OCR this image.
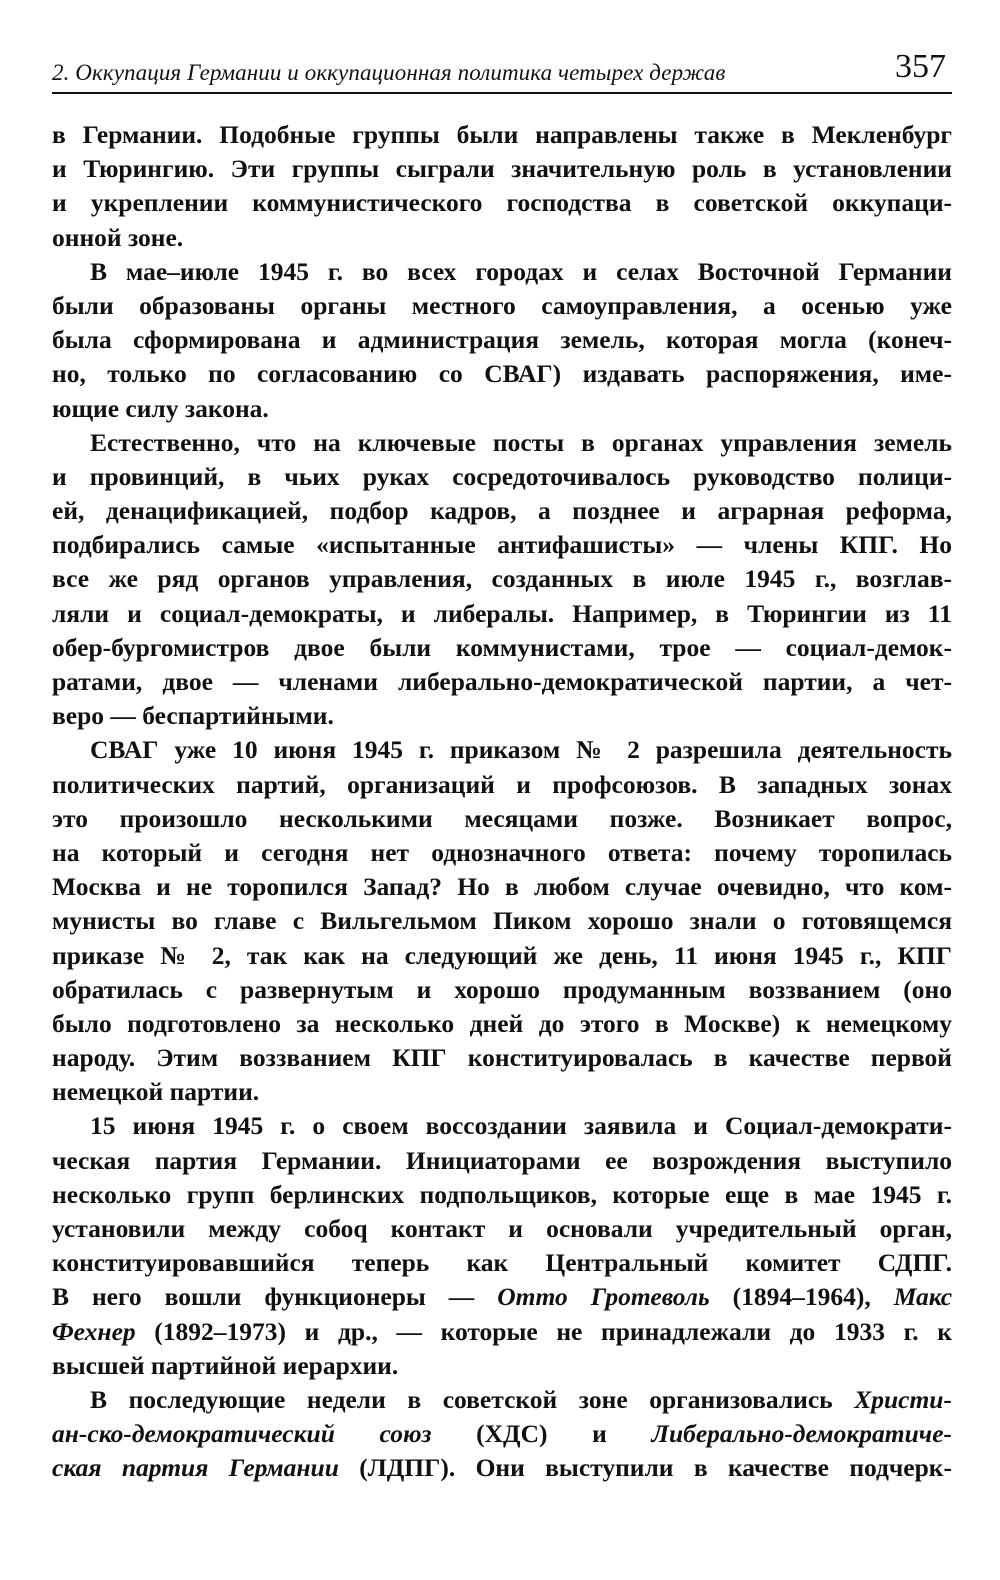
2. Оккупация Германии и оккупационная политика четырех держав	357
в Германии. Подобные группы были направлены также в Мекленбург
и Тюрингию. Эти группы сыграли значительную роль в установлении
и укреплении коммунистического господства в советской оккупаци-
онной зоне.
В мае–июле 1945 г. во всех городах и селах Восточной Германии
были образованы органы местного самоуправления, а осенью уже
была сформирована и администрация земель, которая могла (конеч-
но, только по согласованию со СВАГ) издавать распоряжения, име-
ющие силу закона.
Естественно, что на ключевые посты в органах управления земель
и провинций, в чьих руках сосредоточивалось руководство полици-
ей, денацификацией, подбор кадров, а позднее и аграрная реформа,
подбирались самые «испытанные антифашисты» — члены КПГ. Но
все же ряд органов управления, созданных в июле 1945 г., возглав-
ляли и социал-демократы, и либералы. Например, в Тюрингии из 11
обер-бургомистров двое были коммунистами, трое — социал-демок-
ратами, двое — членами либерально-демократической партии, а чет-
веро — беспартийными.
СВАГ уже 10 июня 1945 г. приказом № 2 разрешила деятельность
политических партий, организаций и профсоюзов. В западных зонах
это произошло несколькими месяцами позже. Возникает вопрос,
на который и сегодня нет однозначного ответа: почему торопилась
Москва и не торопился Запад? Но в любом случае очевидно, что ком-
мунисты во главе с Вильгельмом Пиком хорошо знали о готовящемся
приказе № 2, так как на следующий же день, 11 июня 1945 г., КПГ
обратилась с развернутым и хорошо продуманным воззванием (оно
было подготовлено за несколько дней до этого в Москве) к немецкому
народу. Этим воззванием КПГ конституировалась в качестве первой
немецкой партии.
15 июня 1945 г. о своем воссоздании заявила и Социал-демократи-
ческая партия Германии. Инициаторами ее возрождения выступило
несколько групп берлинских подпольщиков, которые еще в мае 1945 г.
установили между собоq контакт и основали учредительный орган,
конституировавшийся теперь как Центральный комитет СДПГ.
В него вошли функционеры — Отто Гротеволь (1894–1964), Макс
Фехнер (1892–1973) и др., — которые не принадлежали до 1933 г. к
высшей партийной иерархии.
В последующие недели в советской зоне организовались Христи-
ан-ско-демократический союз (ХДС) и Либерально-демократиче-
ская партия Германии (ЛДПГ). Они выступили в качестве подчерк-
